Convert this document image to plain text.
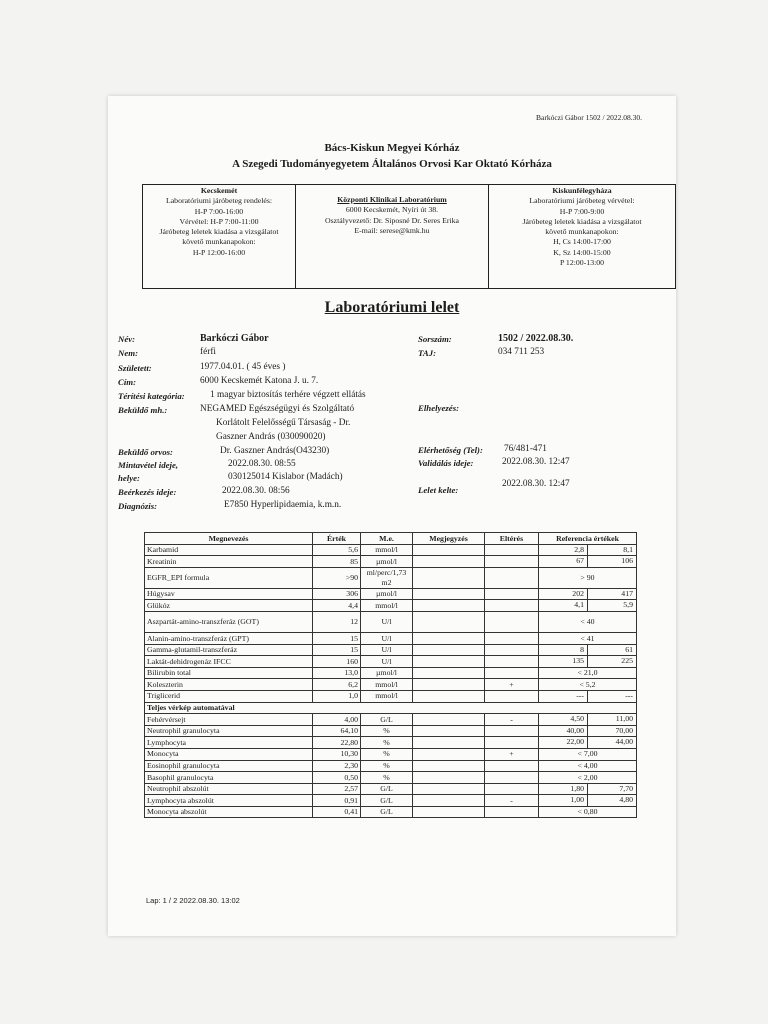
Barkóczi Gábor 1502 / 2022.08.30.
Bács-Kiskun Megyei Kórház
A Szegedi Tudományegyetem Általános Orvosi Kar Oktató Kórháza
Kecskemét
Laboratóriumi járóbeteg rendelés:
H-P 7:00-16:00
Vérvétel: H-P 7:00-11:00
Járóbeteg leletek kiadása a vizsgálatot
követő munkanapokon:
H-P 12:00-16:00
Központi Klinikai Laboratórium
6000 Kecskemét, Nyíri út 38.
Osztályvezető: Dr. Siposné Dr. Seres Erika
E-mail: serese@kmk.hu
Kiskunfélegyháza
Laboratóriumi járóbeteg vérvétel:
H-P 7:00-9:00
Járóbeteg leletek kiadása a vizsgálatot
követő munkanapokon:
H, Cs 14:00-17:00
K, Sz 14:00-15:00
P 12:00-13:00
Laboratóriumi lelet
Név:	Barkóczi Gábor
Nem:	férfi
Született:	1977.04.01. ( 45 éves )
Cím:	6000 Kecskemét Katona J. u. 7.
Térítési kategória:	1 magyar biztosítás terhére végzett ellátás
Beküldő mh.:	NEGAMED Egészségügyi és Szolgáltató
Korlátolt Felelősségű Társaság - Dr.
Gaszner András (030090020)
Beküldő orvos:	Dr. Gaszner András(O43230)
Mintavétel ideje,	2022.08.30. 08:55
helye:	030125014 Kislabor (Madách)
Beérkezés ideje:	2022.08.30. 08:56
Diagnózis:	E7850 Hyperlipidaemia, k.m.n.
Sorszám:	1502 / 2022.08.30.
TAJ:	034 711 253
Elhelyezés:
Elérhetőség (Tel): 76/481-471
Validálás ideje:	2022.08.30. 12:47
Lelet kelte:
2022.08.30. 12:47
Megnevezés	Érték	M.e.	Megjegyzés	Eltérés	Referencia értékek
Karbamid	5,6	mmol/l			2,8 8,1

Kreatinin	85	µmol/l			67 106

EGFR_EPI formula	>90	ml/perc/1,73 m2			> 90

Húgysav	306	µmol/l			202 417

Glükóz	4,4	mmol/l			4,1 5,9

Aszpartát-amino-transzferáz (GOT)	12	U/l			< 40

Alanin-amino-transzferáz (GPT)	15	U/l			< 41

Gamma-glutamil-transzferáz	15	U/l			8 61

Laktát-dehidrogenáz IFCC	160	U/l			135 225

Bilirubin total	13,0	µmol/l			< 21,0

Koleszterin	6,2	mmol/l		+	< 5,2

Triglicerid	1,0	mmol/l			--- ---

Teljes vérkép automatával					
Fehérvérsejt	4,00	G/L		-	4,50 11,00

Neutrophil granulocyta	64,10	%			40,00 70,00

Lymphocyta	22,80	%			22,00 44,00

Monocyta	10,30	%		+	< 7,00

Eosinophil granulocyta	2,30	%			< 4,00

Basophil granulocyta	0,50	%			< 2,00

Neutrophil abszolút	2,57	G/L			1,80 7,70

Lymphocyta abszolút	0,91	G/L		-	1,00 4,80

Monocyta abszolút	0,41	G/L			< 0,80
Lap: 1 / 2 2022.08.30. 13:02
